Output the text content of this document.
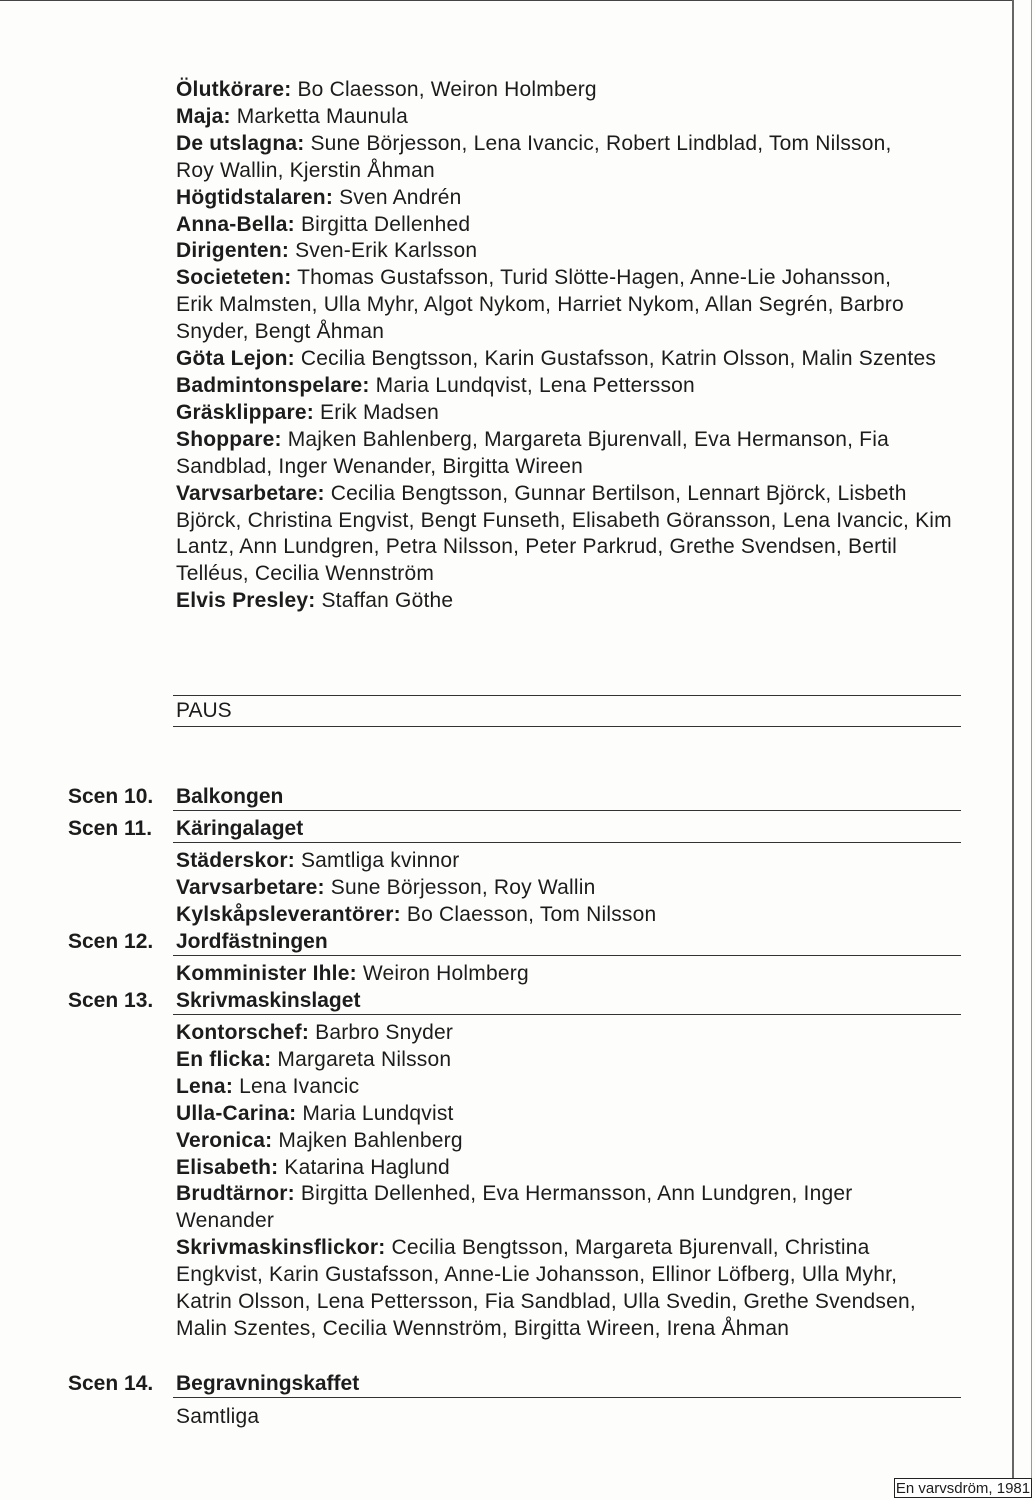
Ölutkörare: Bo Claesson, Weiron Holmberg

Maja: Marketta Maunula

De utslagna: Sune Börjesson, Lena Ivancic, Robert Lindblad, Tom Nilsson, Roy Wallin, Kjerstin Åhman

Högtidstalaren: Sven Andrén

Anna-Bella: Birgitta Dellenhed

Dirigenten: Sven-Erik Karlsson

Societeten: Thomas Gustafsson, Turid Slötte-Hagen, Anne-Lie Johansson, Erik Malmsten, Ulla Myhr, Algot Nykom, Harriet Nykom, Allan Segrén, Barbro Snyder, Bengt Åhman

Göta Lejon: Cecilia Bengtsson, Karin Gustafsson, Katrin Olsson, Malin Szentes

Badmintonspelare: Maria Lundqvist, Lena Pettersson

Gräsklippare: Erik Madsen

Shoppare: Majken Bahlenberg, Margareta Bjurenvall, Eva Hermanson, Fia Sandblad, Inger Wenander, Birgitta Wireen

Varvsarbetare: Cecilia Bengtsson, Gunnar Bertilson, Lennart Björck, Lisbeth Björck, Christina Engvist, Bengt Funseth, Elisabeth Göransson, Lena Ivancic, Kim Lantz, Ann Lundgren, Petra Nilsson, Peter Parkrud, Grethe Svendsen, Bertil Telléus, Cecilia Wennström

Elvis Presley: Staffan Göthe

PAUS
Scen 10. Balkongen
Scen 11. Käringalaget

Städerskor: Samtliga kvinnor

Varvsarbetare: Sune Börjesson, Roy Wallin

Kylskåpsleverantörer: Bo Claesson, Tom Nilsson

Scen 12. Jordfästningen

Komminister Ihle: Weiron Holmberg

Scen 13. Skrivmaskinslaget

Kontorschef: Barbro Snyder

En flicka: Margareta Nilsson

Lena: Lena Ivancic

Ulla-Carina: Maria Lundqvist

Veronica: Majken Bahlenberg

Elisabeth: Katarina Haglund

Brudtärnor: Birgitta Dellenhed, Eva Hermansson, Ann Lundgren, Inger Wenander

Skrivmaskinsflickor: Cecilia Bengtsson, Margareta Bjurenvall, Christina Engkvist, Karin Gustafsson, Anne-Lie Johansson, Ellinor Löfberg, Ulla Myhr, Katrin Olsson, Lena Pettersson, Fia Sandblad, Ulla Svedin, Grethe Svendsen, Malin Szentes, Cecilia Wennström, Birgitta Wireen, Irena Åhman

Scen 14. Begravningskaffet

Samtliga

En varvsdröm, 1981
